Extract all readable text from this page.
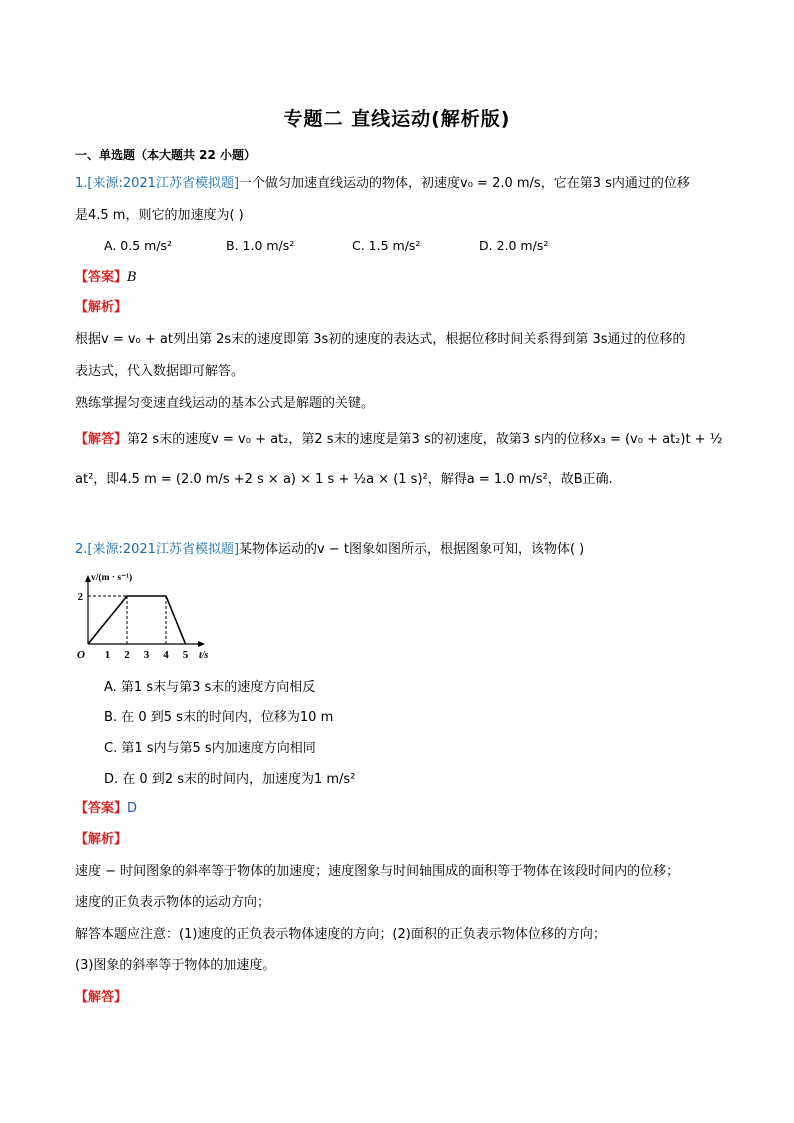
专题二 直线运动(解析版)
一、单选题（本大题共 22 小题）
1.[来源:2021江苏省模拟题]一个做匀加速直线运动的物体，初速度v₀ = 2.0 m/s，它在第3 s内通过的位移
是4.5 m，则它的加速度为( )
A. 0.5 m/s²	B. 1.0 m/s²	C. 1.5 m/s²	D. 2.0 m/s²
【答案】B
【解析】
根据v = v₀ + at列出第 2s末的速度即第 3s初的速度的表达式，根据位移时间关系得到第 3s通过的位移的
表达式，代入数据即可解答。
熟练掌握匀变速直线运动的基本公式是解题的关键。
【解答】第2 s末的速度v = v₀ + at₂，第2 s末的速度是第3 s的初速度，故第3 s内的位移x₃ = (v₀ + at₂)t + ½
at²，即4.5 m = (2.0 m/s +2 s × a) × 1 s + ½a × (1 s)²，解得a = 1.0 m/s²，故B正确.
2.[来源:2021江苏省模拟题]某物体运动的v − t图象如图所示，根据图象可知，该物体( )
1 2 3 4 5
2
O	t/s
v/(m · s⁻¹)
A. 第1 s末与第3 s末的速度方向相反
B. 在 0 到5 s末的时间内，位移为10 m
C. 第1 s内与第5 s内加速度方向相同
D. 在 0 到2 s末的时间内，加速度为1 m/s²
【答案】D
【解析】
速度 − 时间图象的斜率等于物体的加速度；速度图象与时间轴围成的面积等于物体在该段时间内的位移；
速度的正负表示物体的运动方向；
解答本题应注意：(1)速度的正负表示物体速度的方向；(2)面积的正负表示物体位移的方向；
(3)图象的斜率等于物体的加速度。
【解答】
